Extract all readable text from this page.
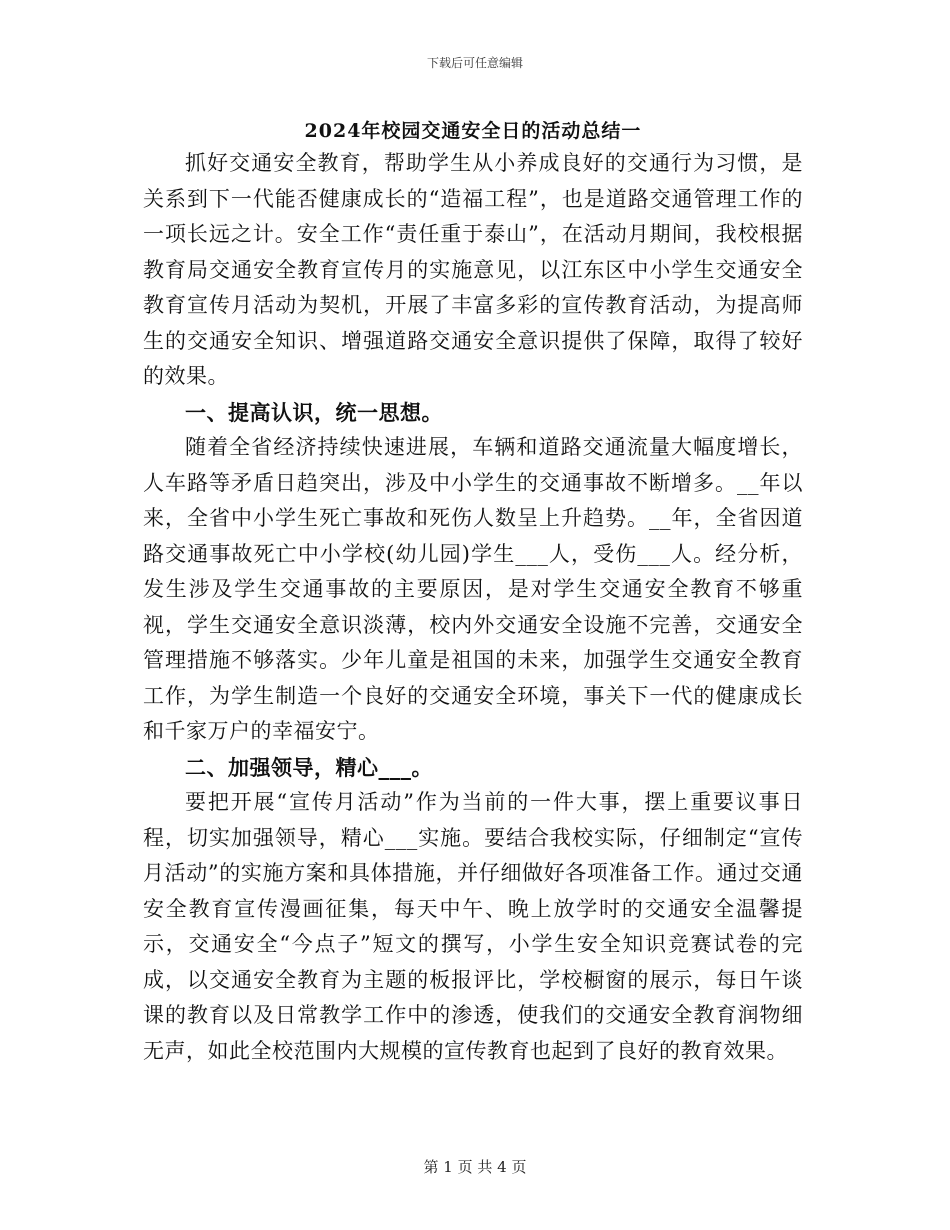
下载后可任意编辑
2024年校园交通安全日的活动总结一

抓好交通安全教育，帮助学生从小养成良好的交通行为习惯，是关系到下一代能否健康成长的“造福工程”，也是道路交通管理工作的一项长远之计。安全工作“责任重于泰山”，在活动月期间，我校根据教育局交通安全教育宣传月的实施意见，以江东区中小学生交通安全教育宣传月活动为契机，开展了丰富多彩的宣传教育活动，为提高师生的交通安全知识、增强道路交通安全意识提供了保障，取得了较好的效果。

一、提高认识，统一思想。

随着全省经济持续快速进展，车辆和道路交通流量大幅度增长，人车路等矛盾日趋突出，涉及中小学生的交通事故不断增多。__年以来，全省中小学生死亡事故和死伤人数呈上升趋势。__年，全省因道路交通事故死亡中小学校(幼儿园)学生___人，受伤___人。经分析，发生涉及学生交通事故的主要原因，是对学生交通安全教育不够重视，学生交通安全意识淡薄，校内外交通安全设施不完善，交通安全管理措施不够落实。少年儿童是祖国的未来，加强学生交通安全教育工作，为学生制造一个良好的交通安全环境，事关下一代的健康成长和千家万户的幸福安宁。

二、加强领导，精心___。

要把开展“宣传月活动”作为当前的一件大事，摆上重要议事日程，切实加强领导，精心___实施。要结合我校实际，仔细制定“宣传月活动”的实施方案和具体措施，并仔细做好各项准备工作。通过交通安全教育宣传漫画征集，每天中午、晚上放学时的交通安全温馨提示，交通安全“今点子”短文的撰写，小学生安全知识竞赛试卷的完成，以交通安全教育为主题的板报评比，学校橱窗的展示，每日午谈课的教育以及日常教学工作中的渗透，使我们的交通安全教育润物细无声，如此全校范围内大规模的宣传教育也起到了良好的教育效果。

第 1 页 共 4 页
